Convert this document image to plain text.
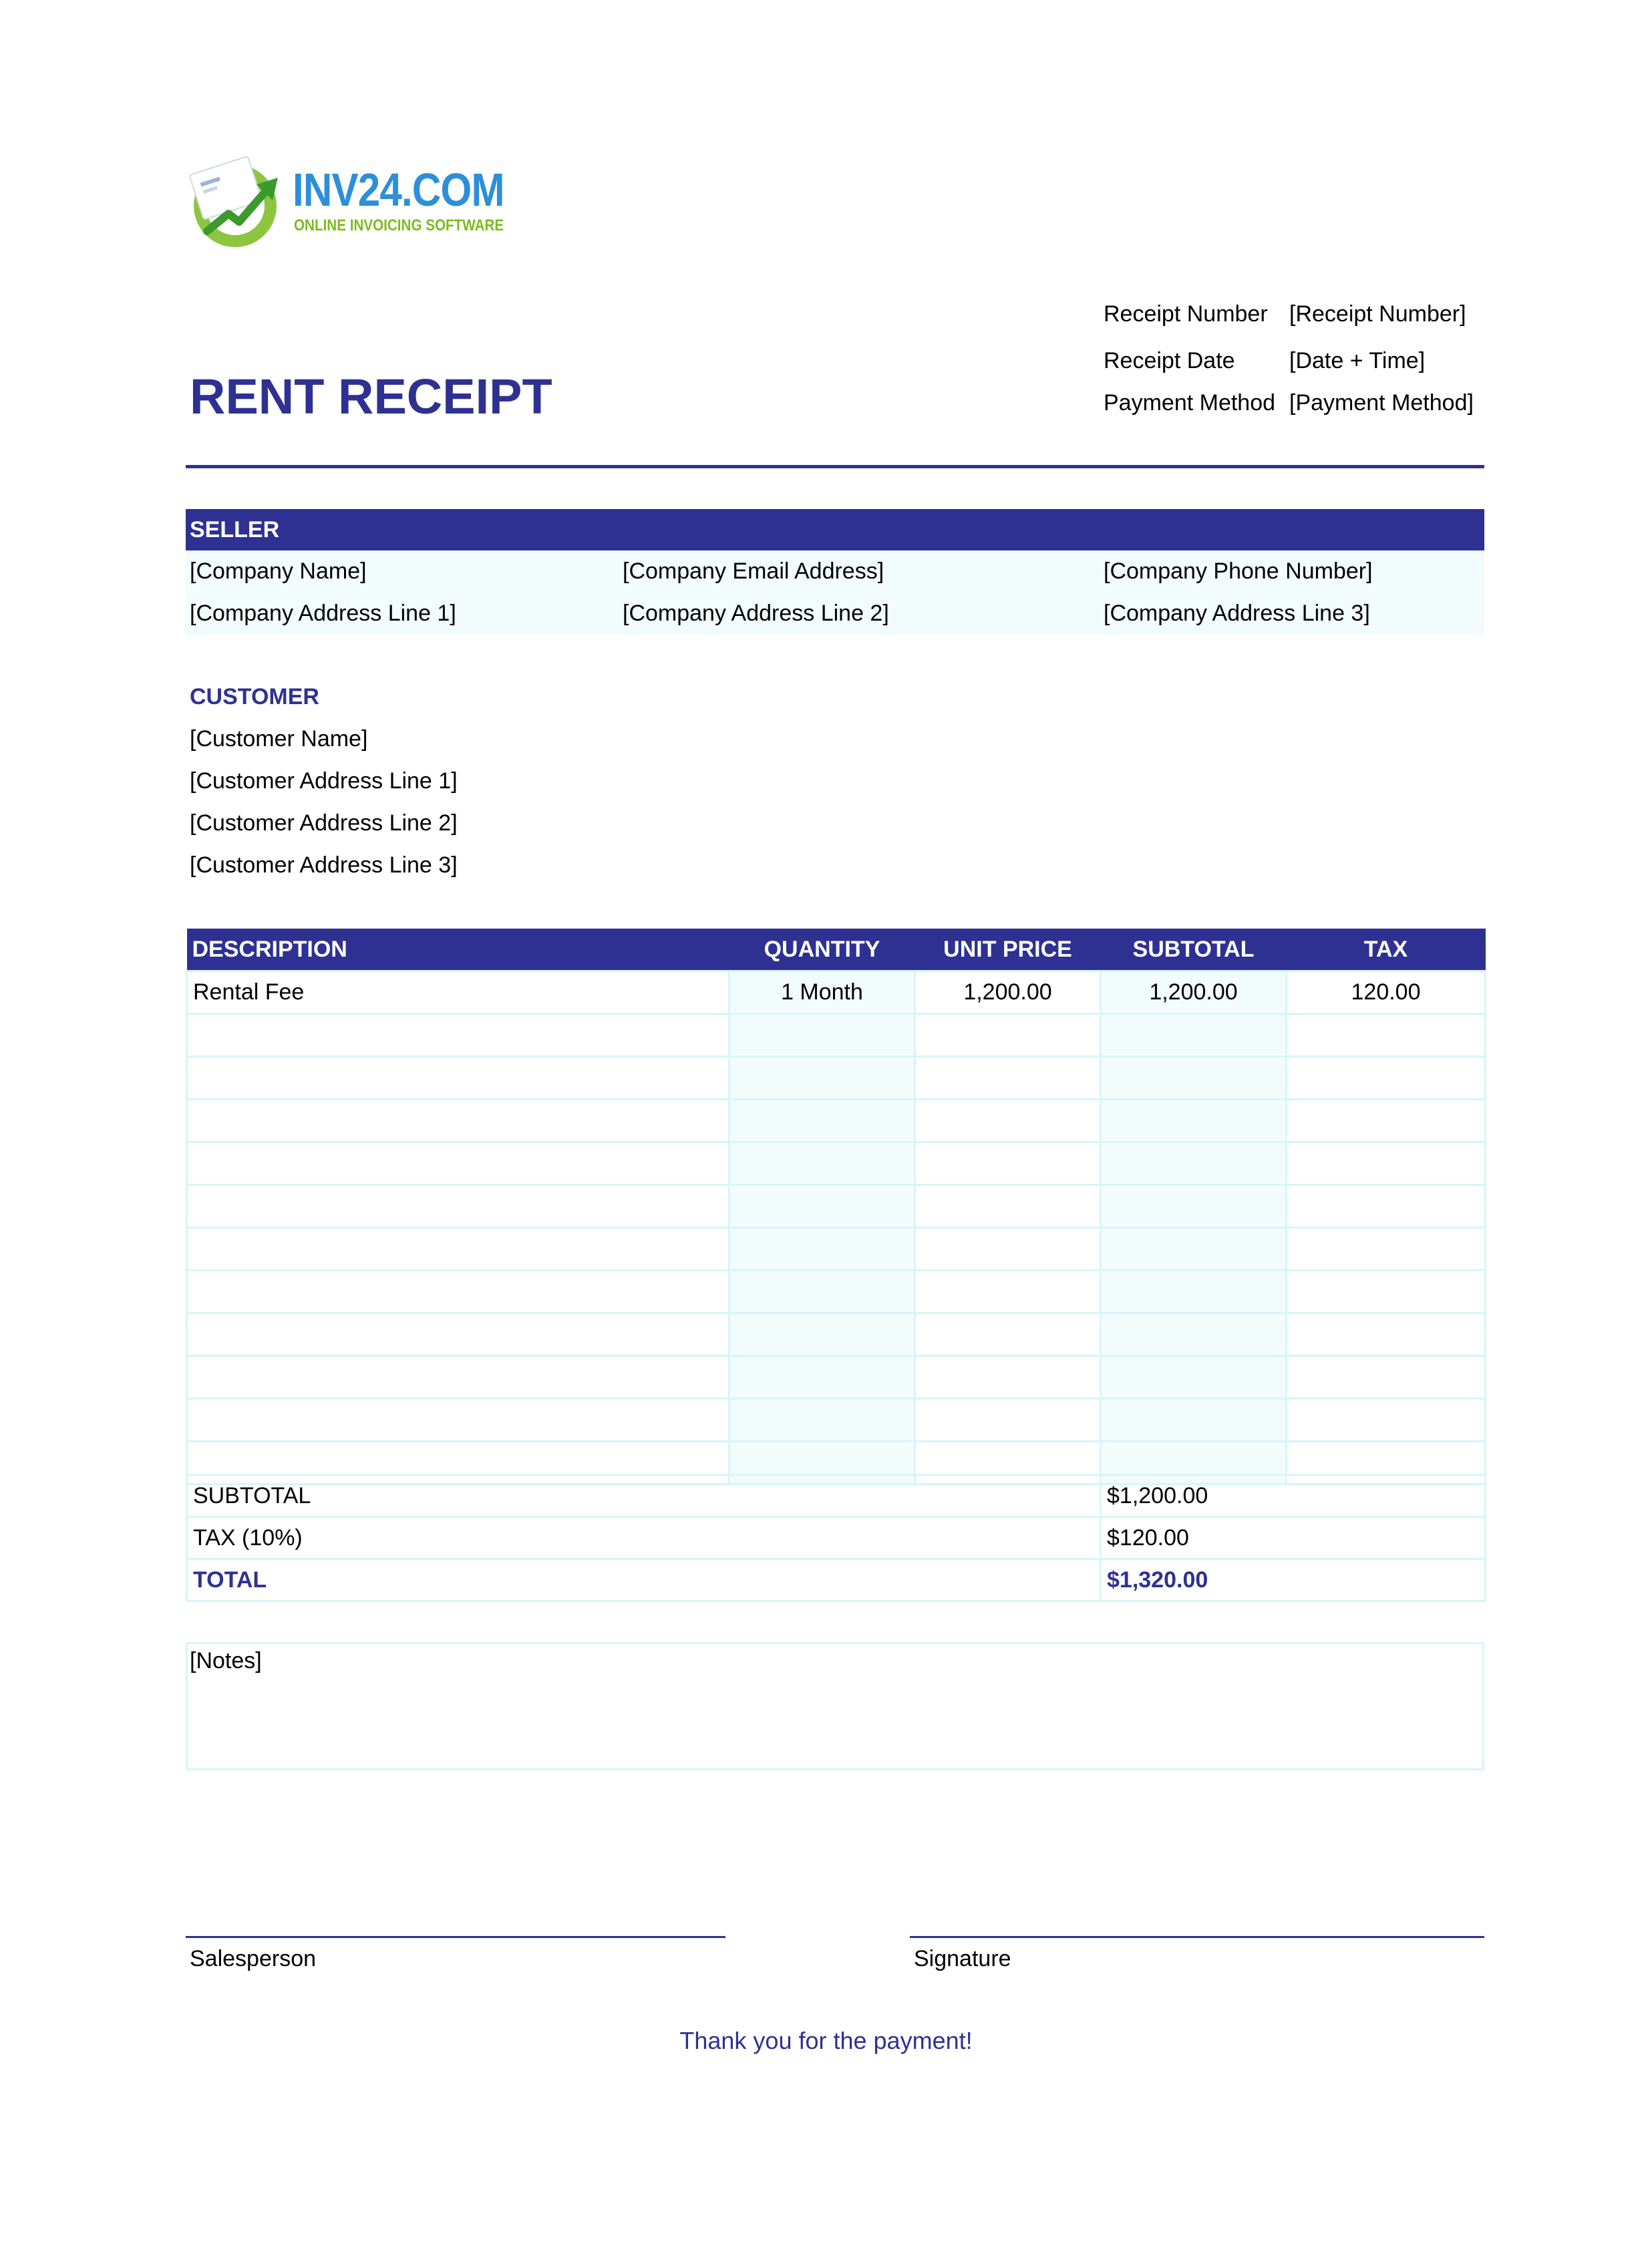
INV24.COM
ONLINE INVOICING SOFTWARE
RENT RECEIPT
Receipt Number [Receipt Number]
Receipt Date [Date + Time]
Payment Method [Payment Method]
SELLER
[Company Name]	[Company Email Address]	[Company Phone Number]
[Company Address Line 1]	[Company Address Line 2]	[Company Address Line 3]
CUSTOMER
[Customer Name]
[Customer Address Line 1]
[Customer Address Line 2]
[Customer Address Line 3]
DESCRIPTION	QUANTITY	UNIT PRICE	SUBTOTAL	TAX
Rental Fee	1 Month	1,200.00	1,200.00	120.00

SUBTOTAL	$1,200.00
TAX (10%)	$120.00
TOTAL	$1,320.00
[Notes]
Salesperson	Signature
Thank you for the payment!
